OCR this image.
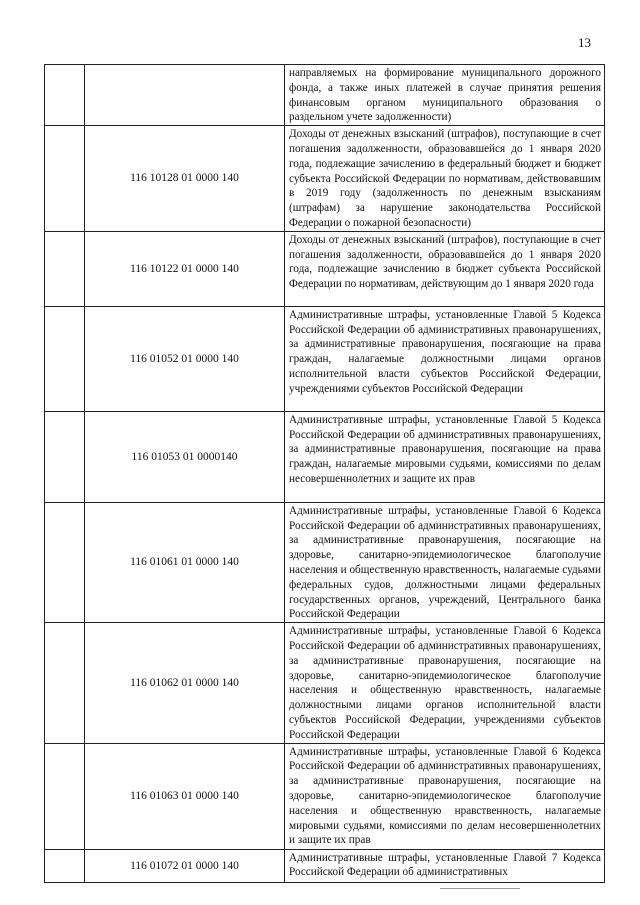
13
		направляемых на формирование муниципального дорожного фонда, а также иных платежей в случае принятия решения финансовым органом муниципального образования о раздельном учете задолженности)
	116 10128 01 0000 140	Доходы от денежных взысканий (штрафов), поступающие в счет погашения задолженности, образовавшейся до 1 января 2020 года, подлежащие зачислению в федеральный бюджет и бюджет субъекта Российской Федерации по нормативам, действовавшим в 2019 году (задолженность по денежным взысканиям (штрафам) за нарушение законодательства Российской Федерации о пожарной безопасности)
	116 10122 01 0000 140	Доходы от денежных взысканий (штрафов), поступающие в счет погашения задолженности, образовавшейся до 1 января 2020 года, подлежащие зачислению в бюджет субъекта Российской Федерации по нормативам, действующим до 1 января 2020 года
	116 01052 01 0000 140	Административные штрафы, установленные Главой 5 Кодекса Российской Федерации об административных правонарушениях, за административные правонарушения, посягающие на права граждан, налагаемые должностными лицами органов исполнительной власти субъектов Российской Федерации, учреждениями субъектов Российской Федерации
	116 01053 01 0000140	Административные штрафы, установленные Главой 5 Кодекса Российской Федерации об административных правонарушениях, за административные правонарушения, посягающие на права граждан, налагаемые мировыми судьями, комиссиями по делам несовершеннолетних и защите их прав
	116 01061 01 0000 140	Административные штрафы, установленные Главой 6 Кодекса Российской Федерации об административных правонарушениях, за административные правонарушения, посягающие на здоровье, санитарно-эпидемиологическое благополучие населения и общественную нравственность, налагаемые судьями федеральных судов, должностными лицами федеральных государственных органов, учреждений, Центрального банка Российской Федерации
	116 01062 01 0000 140	Административные штрафы, установленные Главой 6 Кодекса Российской Федерации об административных правонарушениях, за административные правонарушения, посягающие на здоровье, санитарно-эпидемиологическое благополучие населения и общественную нравственность, налагаемые должностными лицами органов исполнительной власти субъектов Российской Федерации, учреждениями субъектов Российской Федерации
	116 01063 01 0000 140	Административные штрафы, установленные Главой 6 Кодекса Российской Федерации об административных правонарушениях, за административные правонарушения, посягающие на здоровье, санитарно-эпидемиологическое благополучие населения и общественную нравственность, налагаемые мировыми судьями, комиссиями по делам несовершеннолетних и защите их прав
	116 01072 01 0000 140	Административные штрафы, установленные Главой 7 Кодекса Российской Федерации об административных
